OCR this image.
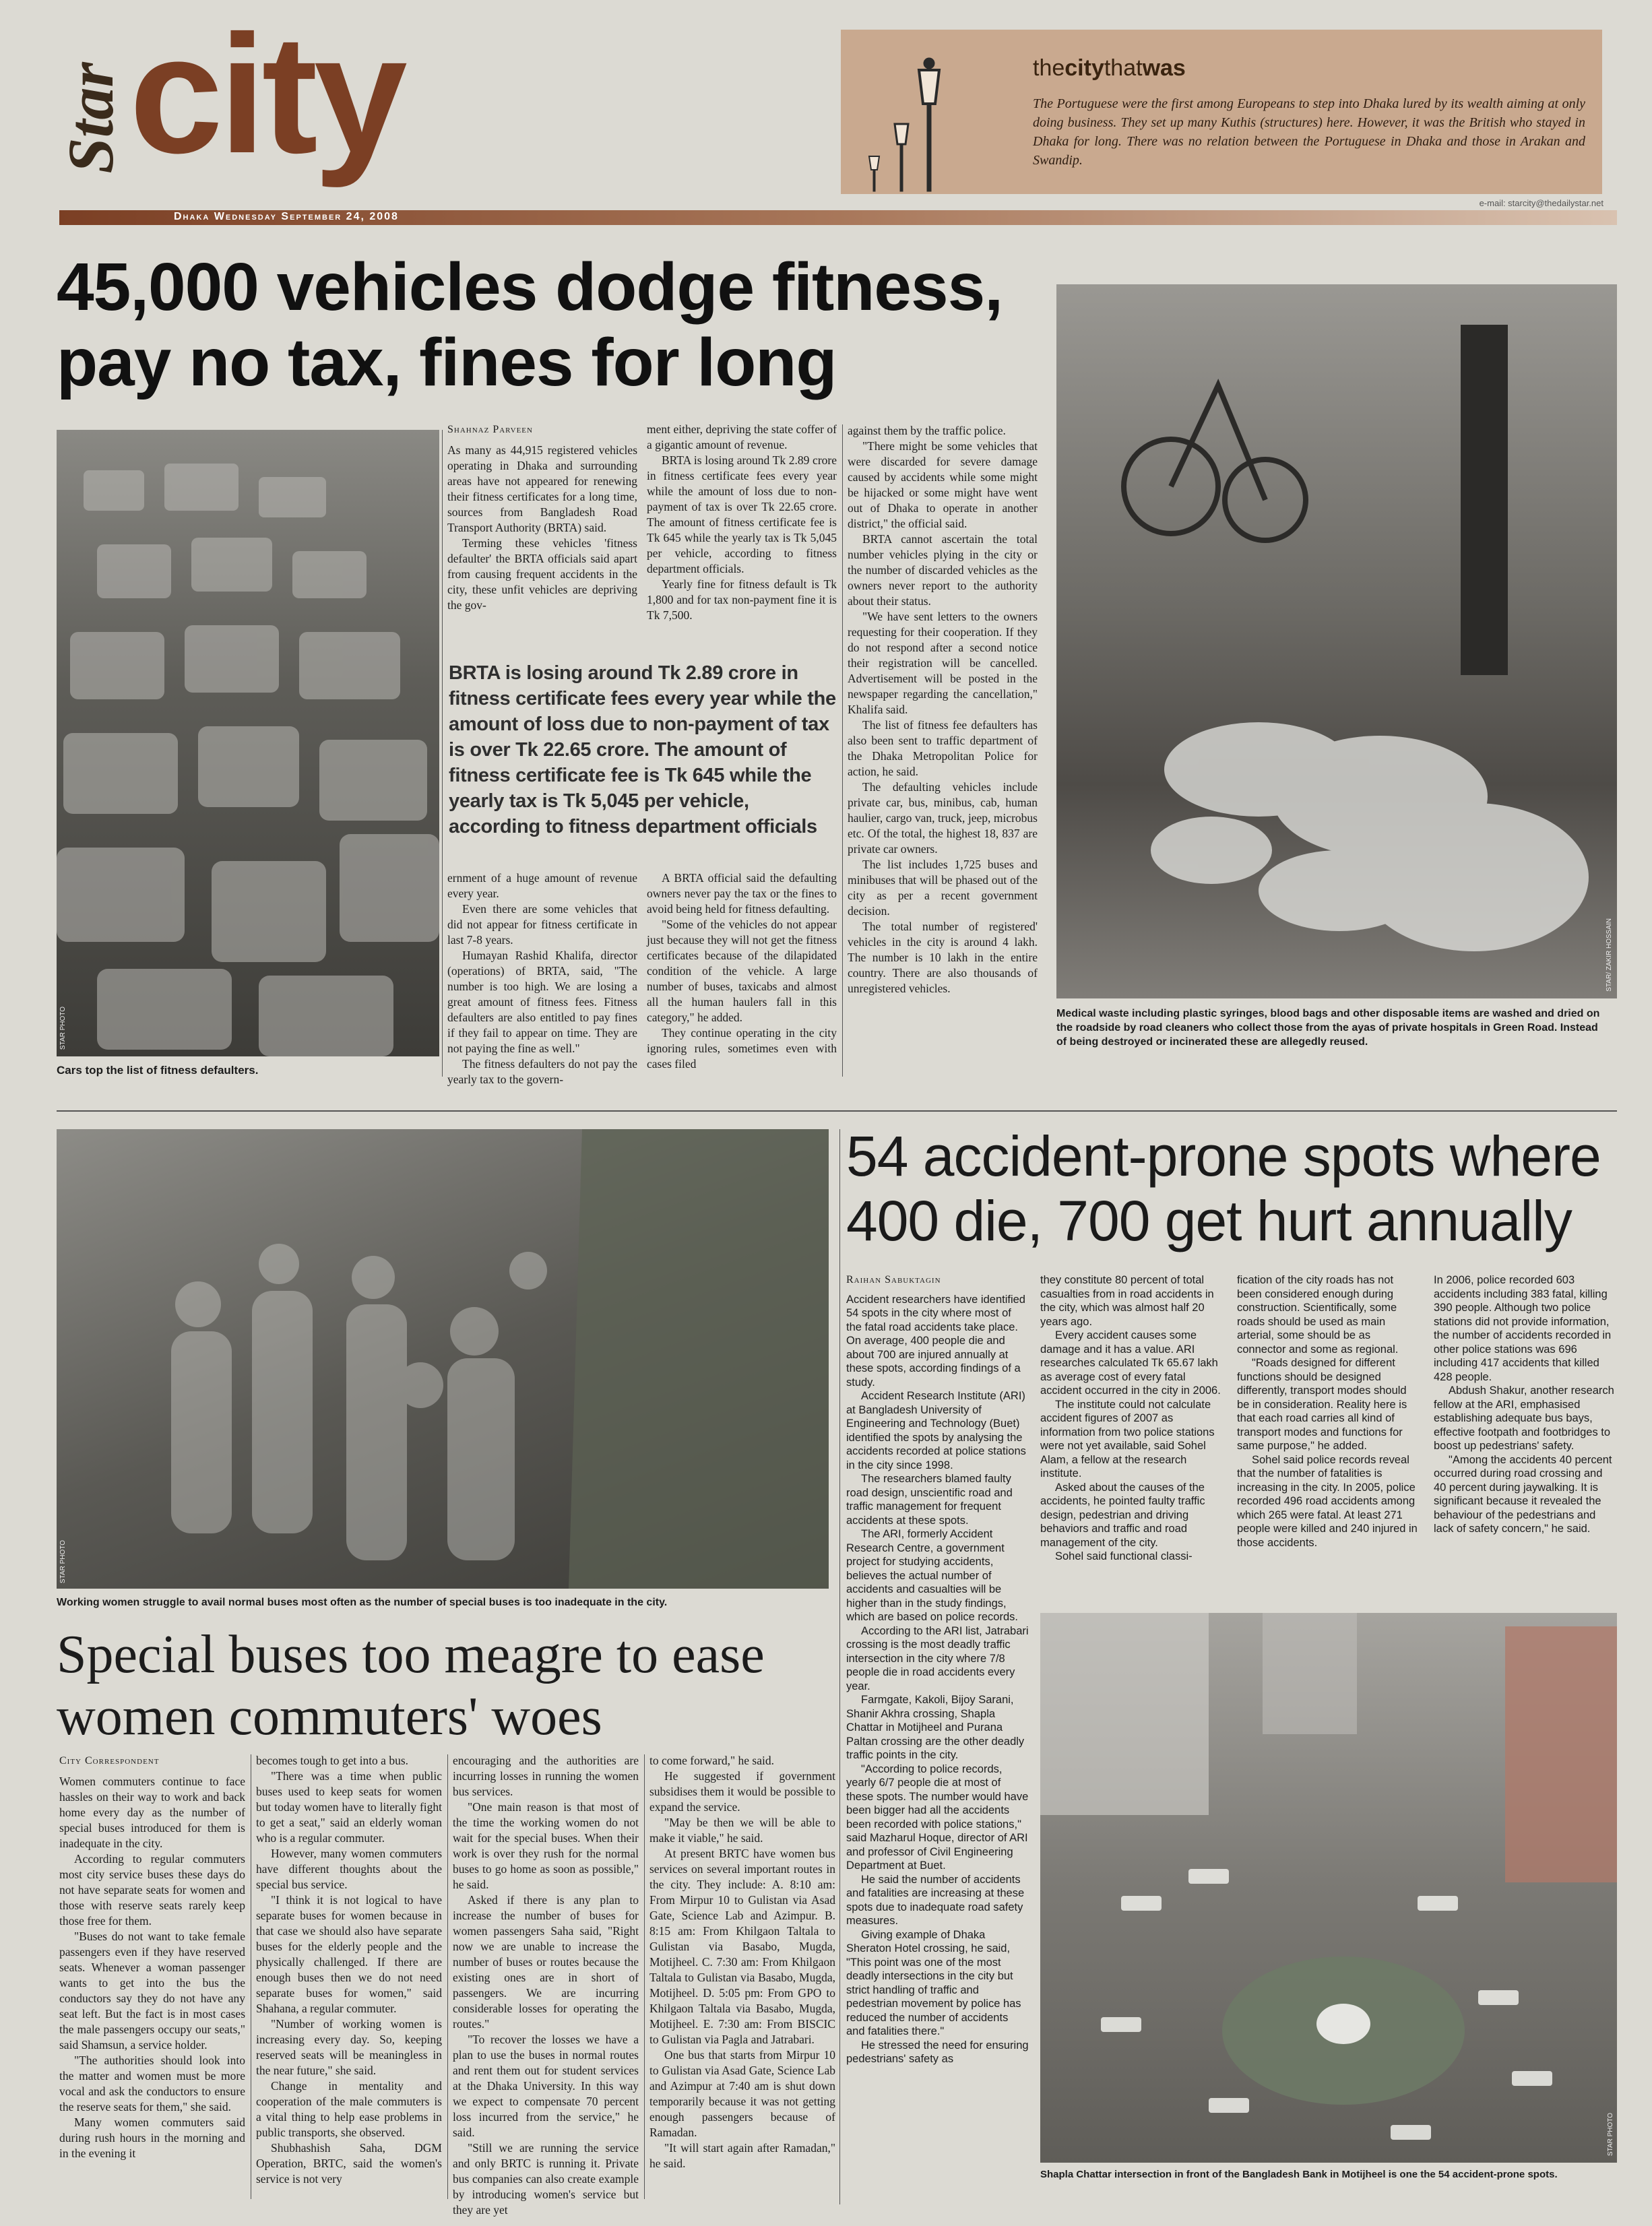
Star city	thecitythatwas
The Portuguese were the first among Europeans to step into Dhaka lured by its wealth aiming at only doing business. They set up many Kuthis (structures) here. However, it was the British who stayed in Dhaka for long. There was no relation between the Portuguese in Dhaka and those in Arakan and Swandip.
Dhaka Wednesday September 24, 2008
e-mail: starcity@thedailystar.net
45,000 vehicles dodge fitness,
pay no tax, fines for long
STAR PHOTO
Cars top the list of fitness defaulters.
Shahnaz Parveen

As many as 44,915 registered vehicles operating in Dhaka and surrounding areas have not appeared for renewing their fitness certificates for a long time, sources from Bangladesh Road Transport Authority (BRTA) said.

Terming these vehicles 'fitness defaulter' the BRTA officials said apart from causing frequent accidents in the city, these unfit vehicles are depriving the gov-

ment either, depriving the state coffer of a gigantic amount of revenue.

BRTA is losing around Tk 2.89 crore in fitness certificate fees every year while the amount of loss due to non-payment of tax is over Tk 22.65 crore. The amount of fitness certificate fee is Tk 645 while the yearly tax is Tk 5,045 per vehicle, according to fitness department officials.

Yearly fine for fitness default is Tk 1,800 and for tax non-payment fine it is Tk 7,500.

BRTA is losing around Tk 2.89 crore in fitness certificate fees every year while the amount of loss due to non-payment of tax is over Tk 22.65 crore. The amount of fitness certificate fee is Tk 645 while the yearly tax is Tk 5,045 per vehicle, according to fitness department officials

ernment of a huge amount of revenue every year.

Even there are some vehicles that did not appear for fitness certificate in last 7-8 years.

Humayan Rashid Khalifa, director (operations) of BRTA, said, "The number is too high. We are losing a great amount of fitness fees. Fitness defaulters are also entitled to pay fines if they fail to appear on time. They are not paying the fine as well."

The fitness defaulters do not pay the yearly tax to the govern-

A BRTA official said the defaulting owners never pay the tax or the fines to avoid being held for fitness defaulting.

"Some of the vehicles do not appear just because they will not get the fitness certificates because of the dilapidated condition of the vehicle. A large number of buses, taxicabs and almost all the human haulers fall in this category," he added.

They continue operating in the city ignoring rules, sometimes even with cases filed

against them by the traffic police.

"There might be some vehicles that were discarded for severe damage caused by accidents while some might be hijacked or some might have went out of Dhaka to operate in another district," the official said.

BRTA cannot ascertain the total number vehicles plying in the city or the number of discarded vehicles as the owners never report to the authority about their status.

"We have sent letters to the owners requesting for their cooperation. If they do not respond after a second notice their registration will be cancelled. Advertisement will be posted in the newspaper regarding the cancellation," Khalifa said.

The list of fitness fee defaulters has also been sent to traffic department of the Dhaka Metropolitan Police for action, he said.

The defaulting vehicles include private car, bus, minibus, cab, human haulier, cargo van, truck, jeep, microbus etc. Of the total, the highest 18, 837 are private car owners.

The list includes 1,725 buses and minibuses that will be phased out of the city as per a recent government decision.

The total number of registered' vehicles in the city is around 4 lakh. The number is 10 lakh in the entire country. There are also thousands of unregistered vehicles.	STAR/ ZAKIR HOSSAIN
Medical waste including plastic syringes, blood bags and other disposable items are washed and dried on the roadside by road cleaners who collect those from the ayas of private hospitals in Green Road. Instead of being destroyed or incinerated these are allegedly reused.
STAR PHOTO
Working women struggle to avail normal buses most often as the number of special buses is too inadequate in the city.
Special buses too meagre to ease
women commuters' woes
City Correspondent

Women commuters continue to face hassles on their way to work and back home every day as the number of special buses introduced for them is inadequate in the city.

According to regular commuters most city service buses these days do not have separate seats for women and those with reserve seats rarely keep those free for them.

"Buses do not want to take female passengers even if they have reserved seats. Whenever a woman passenger wants to get into the bus the conductors say they do not have any seat left. But the fact is in most cases the male passengers occupy our seats," said Shamsun, a service holder.

"The authorities should look into the matter and women must be more vocal and ask the conductors to ensure the reserve seats for them," she said.

Many women commuters said during rush hours in the morning and in the evening it

becomes tough to get into a bus.

"There was a time when public buses used to keep seats for women but today women have to literally fight to get a seat," said an elderly woman who is a regular commuter.

However, many women commuters have different thoughts about the special bus service.

"I think it is not logical to have separate buses for women because in that case we should also have separate buses for the elderly people and the physically challenged. If there are enough buses then we do not need separate buses for women," said Shahana, a regular commuter.

"Number of working women is increasing every day. So, keeping reserved seats will be meaningless in the near future," she said.

Change in mentality and cooperation of the male commuters is a vital thing to help ease problems in public transports, she observed.

Shubhashish Saha, DGM Operation, BRTC, said the women's service is not very

encouraging and the authorities are incurring losses in running the women bus services.

"One main reason is that most of the time the working women do not wait for the special buses. When their work is over they rush for the normal buses to go home as soon as possible," he said.

Asked if there is any plan to increase the number of buses for women passengers Saha said, "Right now we are unable to increase the number of buses or routes because the existing ones are in short of passengers. We are incurring considerable losses for operating the routes."

"To recover the losses we have a plan to use the buses in normal routes and rent them out for student services at the Dhaka University. In this way we expect to compensate 70 percent loss incurred from the service," he said.

"Still we are running the service and only BRTC is running it. Private bus companies can also create example by introducing women's service but they are yet

to come forward," he said.

He suggested if government subsidises them it would be possible to expand the service.

"May be then we will be able to make it viable," he said.

At present BRTC have women bus services on several important routes in the city. They include: A. 8:10 am: From Mirpur 10 to Gulistan via Asad Gate, Science Lab and Azimpur. B. 8:15 am: From Khilgaon Taltala to Gulistan via Basabo, Mugda, Motijheel. C. 7:30 am: From Khilgaon Taltala to Gulistan via Basabo, Mugda, Motijheel. D. 5:05 pm: From GPO to Khilgaon Taltala via Basabo, Mugda, Motijheel. E. 7:30 am: From BISCIC to Gulistan via Pagla and Jatrabari.

One bus that starts from Mirpur 10 to Gulistan via Asad Gate, Science Lab and Azimpur at 7:40 am is shut down temporarily because it was not getting enough passengers because of Ramadan.

"It will start again after Ramadan," he said.

54 accident-prone spots where
400 die, 700 get hurt annually
Raihan Sabuktagin

Accident researchers have identified 54 spots in the city where most of the fatal road accidents take place. On average, 400 people die and about 700 are injured annually at these spots, according findings of a study.

Accident Research Institute (ARI) at Bangladesh University of Engineering and Technology (Buet) identified the spots by analysing the accidents recorded at police stations in the city since 1998.

The researchers blamed faulty road design, unscientific road and traffic management for frequent accidents at these spots.

The ARI, formerly Accident Research Centre, a government project for studying accidents, believes the actual number of accidents and casualties will be higher than in the study findings, which are based on police records.

According to the ARI list, Jatrabari crossing is the most deadly traffic intersection in the city where 7/8 people die in road accidents every year.

Farmgate, Kakoli, Bijoy Sarani, Shanir Akhra crossing, Shapla Chattar in Motijheel and Purana Paltan crossing are the other deadly traffic points in the city.

"According to police records, yearly 6/7 people die at most of these spots. The number would have been bigger had all the accidents been recorded with police stations," said Mazharul Hoque, director of ARI and professor of Civil Engineering Department at Buet.

He said the number of accidents and fatalities are increasing at these spots due to inadequate road safety measures.

Giving example of Dhaka Sheraton Hotel crossing, he said, "This point was one of the most deadly intersections in the city but strict handling of traffic and pedestrian movement by police has reduced the number of accidents and fatalities there."

He stressed the need for ensuring pedestrians' safety as

they constitute 80 percent of total casualties from in road accidents in the city, which was almost half 20 years ago.

Every accident causes some damage and it has a value. ARI researches calculated Tk 65.67 lakh as average cost of every fatal accident occurred in the city in 2006.

The institute could not calculate accident figures of 2007 as information from two police stations were not yet available, said Sohel Alam, a fellow at the research institute.

Asked about the causes of the accidents, he pointed faulty traffic design, pedestrian and driving behaviors and traffic and road management of the city.

Sohel said functional classi-

fication of the city roads has not been considered enough during construction. Scientifically, some roads should be used as main arterial, some should be as connector and some as regional.

"Roads designed for different functions should be designed differently, transport modes should be in consideration. Reality here is that each road carries all kind of transport modes and functions for same purpose," he added.

Sohel said police records reveal that the number of fatalities is increasing in the city. In 2005, police recorded 496 road accidents among which 265 were fatal. At least 271 people were killed and 240 injured in those accidents.

In 2006, police recorded 603 accidents including 383 fatal, killing 390 people. Although two police stations did not provide information, the number of accidents recorded in other police stations was 696 including 417 accidents that killed 428 people.

Abdush Shakur, another research fellow at the ARI, emphasised establishing adequate bus bays, effective footpath and footbridges to boost up pedestrians' safety.

"Among the accidents 40 percent occurred during road crossing and 40 percent during jaywalking. It is significant because it revealed the behaviour of the pedestrians and lack of safety concern," he said.

STAR PHOTO
Shapla Chattar intersection in front of the Bangladesh Bank in Motijheel is one the 54 accident-prone spots.
